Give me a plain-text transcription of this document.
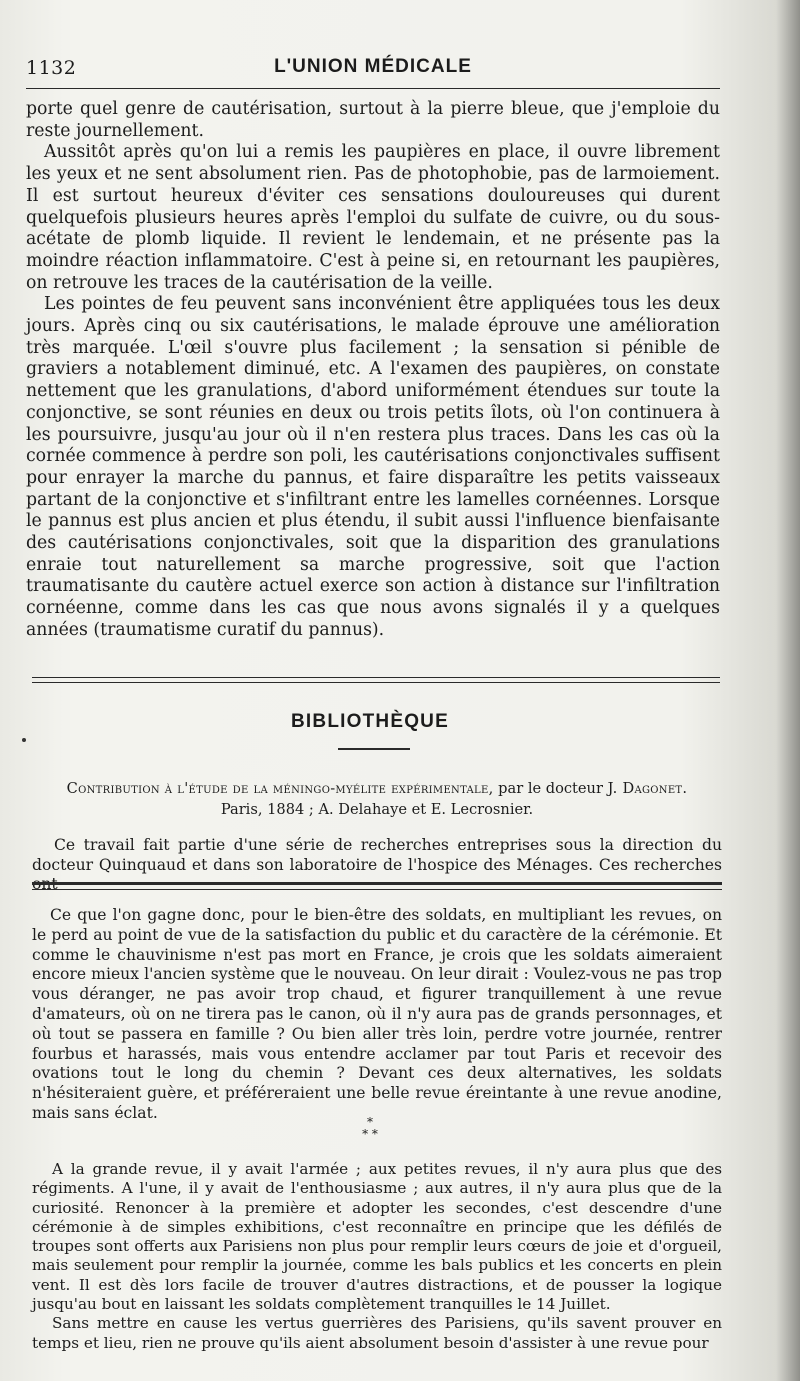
1132	L'UNION MÉDICALE

porte quel genre de cautérisation, surtout à la pierre bleue, que j'emploie du reste journellement.

Aussitôt après qu'on lui a remis les paupières en place, il ouvre librement les yeux et ne sent absolument rien. Pas de photophobie, pas de larmoiement. Il est surtout heureux d'éviter ces sensations douloureuses qui durent quelquefois plusieurs heures après l'emploi du sulfate de cuivre, ou du sous-acétate de plomb liquide. Il revient le lendemain, et ne présente pas la moindre réaction inflammatoire. C'est à peine si, en retournant les paupières, on retrouve les traces de la cautérisation de la veille.

Les pointes de feu peuvent sans inconvénient être appliquées tous les deux jours. Après cinq ou six cautérisations, le malade éprouve une amélioration très marquée. L'œil s'ouvre plus facilement ; la sensation si pénible de graviers a notablement diminué, etc. A l'examen des paupières, on constate nettement que les granulations, d'abord uniformément étendues sur toute la conjonctive, se sont réunies en deux ou trois petits îlots, où l'on continuera à les poursuivre, jusqu'au jour où il n'en restera plus traces. Dans les cas où la cornée commence à perdre son poli, les cautérisations conjonctivales suffisent pour enrayer la marche du pannus, et faire disparaître les petits vaisseaux partant de la conjonctive et s'infiltrant entre les lamelles cornéennes. Lorsque le pannus est plus ancien et plus étendu, il subit aussi l'influence bienfaisante des cautérisations conjonctivales, soit que la disparition des granulations enraie tout naturellement sa marche progressive, soit que l'action traumatisante du cautère actuel exerce son action à distance sur l'infiltration cornéenne, comme dans les cas que nous avons signalés il y a quelques années (traumatisme curatif du pannus).

BIBLIOTHÈQUE
Contribution à l'étude de la méningo-myélite expérimentale, par le docteur J. Dagonet.
Paris, 1884 ; A. Delahaye et E. Lecrosnier.
Ce travail fait partie d'une série de recherches entreprises sous la direction du docteur Quinquaud et dans son laboratoire de l'hospice des Ménages. Ces recherches
Ce que l'on gagne donc, pour le bien-être des soldats, en multipliant les revues, on le perd au point de vue de la satisfaction du public et du caractère de la cérémonie. Et comme le chauvinisme n'est pas mort en France, je crois que les soldats aimeraient encore mieux l'ancien système que le nouveau. On leur dirait : Voulez-vous ne pas trop vous déranger, ne pas avoir trop chaud, et figurer tranquillement à une revue d'amateurs, où on ne tirera pas le canon, où il n'y aura pas de grands personnages, et où tout se passera en famille ? Ou bien aller très loin, perdre votre journée, rentrer fourbus et harassés, mais vous entendre acclamer par tout Paris et recevoir des ovations tout le long du chemin ? Devant ces deux alternatives, les soldats n'hésiteraient guère, et préféreraient une belle revue éreintante à une revue anodine, mais sans éclat.
*
* *

A la grande revue, il y avait l'armée ; aux petites revues, il n'y aura plus que des régiments. A l'une, il y avait de l'enthousiasme ; aux autres, il n'y aura plus que de la curiosité. Renoncer à la première et adopter les secondes, c'est descendre d'une cérémonie à de simples exhibitions, c'est reconnaître en principe que les défilés de troupes sont offerts aux Parisiens non plus pour remplir leurs cœurs de joie et d'orgueil, mais seulement pour remplir la journée, comme les bals publics et les concerts en plein vent. Il est dès lors facile de trouver d'autres distractions, et de pousser la logique jusqu'au bout en laissant les soldats complètement tranquilles le 14 Juillet.

Sans mettre en cause les vertus guerrières des Parisiens, qu'ils savent prouver en temps et lieu, rien ne prouve qu'ils aient absolument besoin d'assister à une revue pour
